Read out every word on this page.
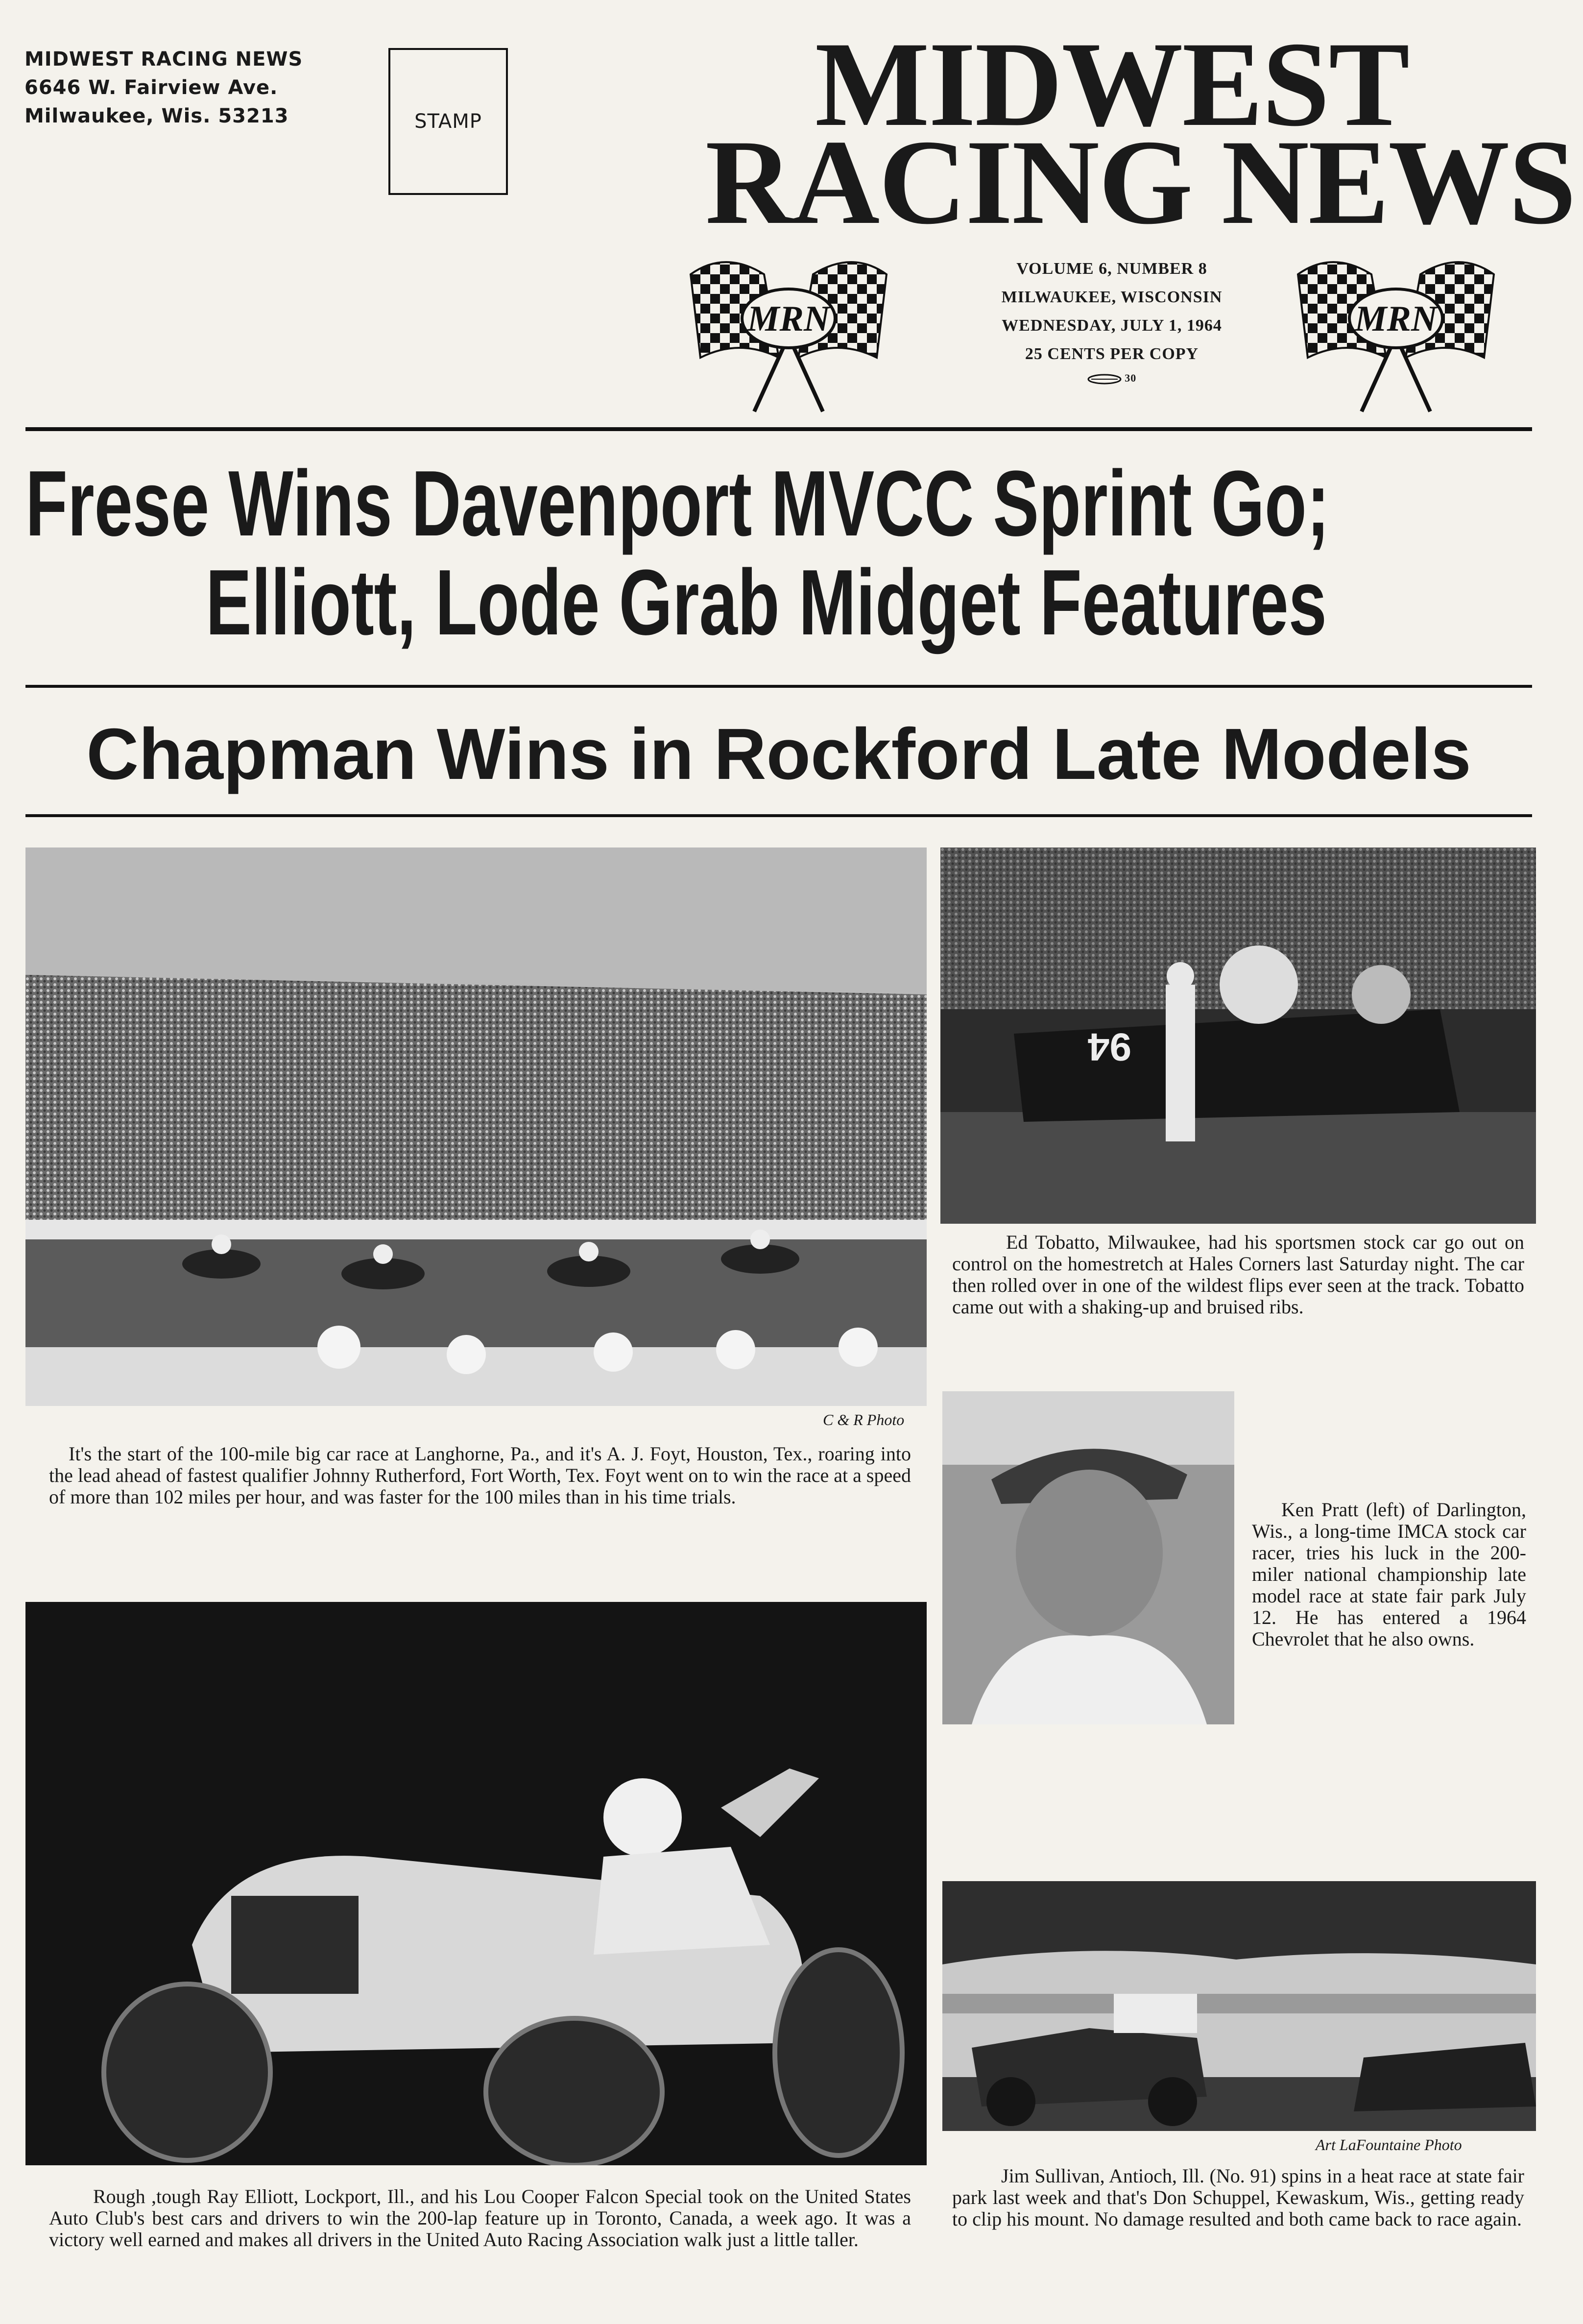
MIDWEST RACING NEWS
6646 W. Fairview Ave.
Milwaukee, Wis. 53213	STAMP	MIDWEST
RACING NEWS
MRN
VOLUME 6, NUMBER 8
MILWAUKEE, WISCONSIN
WEDNESDAY, JULY 1, 1964
25 CENTS PER COPY
30
MRN
Frese Wins Davenport MVCC Sprint Go;
Elliott, Lode Grab Midget Features
Chapman Wins in Rockford Late Models
C & R Photo
It's the start of the 100-mile big car race at Langhorne, Pa., and it's A. J. Foyt, Houston, Tex., roaring into the lead ahead of fastest qualifier Johnny Rutherford, Fort Worth, Tex. Foyt went on to win the race at a speed of more than 102 miles per hour, and was faster for the 100 miles than in his time trials.
94
Ed Tobatto, Milwaukee, had his sportsmen stock car go out on control on the homestretch at Hales Corners last Saturday night. The car then rolled over in one of the wildest flips ever seen at the track. Tobatto came out with a shaking-up and bruised ribs.
Ken Pratt (left) of Darlington, Wis., a long-time IMCA stock car racer, tries his luck in the 200-miler national championship late model race at state fair park July 12. He has entered a 1964 Chevrolet that he also owns.
Rough ,tough Ray Elliott, Lockport, Ill., and his Lou Cooper Falcon Special took on the United States Auto Club's best cars and drivers to win the 200-lap feature up in Toronto, Canada, a week ago. It was a victory well earned and makes all drivers in the United Auto Racing Association walk just a little taller.
Art LaFountaine Photo
Jim Sullivan, Antioch, Ill. (No. 91) spins in a heat race at state fair park last week and that's Don Schuppel, Kewaskum, Wis., getting ready to clip his mount. No damage resulted and both came back to race again.
